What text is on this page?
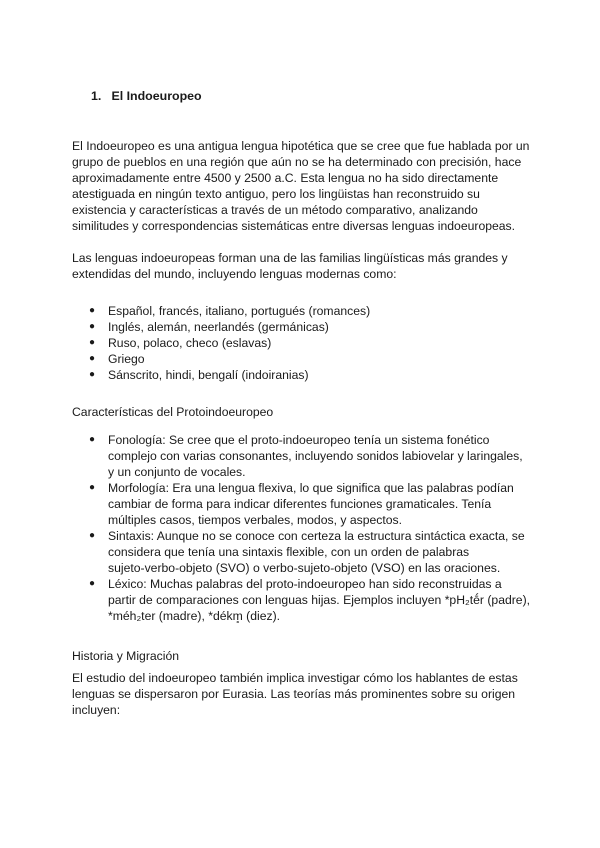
1. El Indoeuropeo

El Indoeuropeo es una antigua lengua hipotética que se cree que fue hablada por un
grupo de pueblos en una región que aún no se ha determinado con precisión, hace
aproximadamente entre 4500 y 2500 a.C. Esta lengua no ha sido directamente
atestiguada en ningún texto antiguo, pero los lingüistas han reconstruido su
existencia y características a través de un método comparativo, analizando
similitudes y correspondencias sistemáticas entre diversas lenguas indoeuropeas.

Las lenguas indoeuropeas forman una de las familias lingüísticas más grandes y
extendidas del mundo, incluyendo lenguas modernas como:

●	Español, francés, italiano, portugués (romances)
●	Inglés, alemán, neerlandés (germánicas)
●	Ruso, polaco, checo (eslavas)
●	Griego
●	Sánscrito, hindi, bengalí (indoiranias)

Características del Protoindoeuropeo

●	Fonología: Se cree que el proto-indoeuropeo tenía un sistema fonético
complejo con varias consonantes, incluyendo sonidos labiovelar y laringales,
y un conjunto de vocales.
●	Morfología: Era una lengua flexiva, lo que significa que las palabras podían
cambiar de forma para indicar diferentes funciones gramaticales. Tenía
múltiples casos, tiempos verbales, modos, y aspectos.
●	Sintaxis: Aunque no se conoce con certeza la estructura sintáctica exacta, se
considera que tenía una sintaxis flexible, con un orden de palabras
sujeto-verbo-objeto (SVO) o verbo-sujeto-objeto (VSO) en las oraciones.
●	Léxico: Muchas palabras del proto-indoeuropeo han sido reconstruidas a
partir de comparaciones con lenguas hijas. Ejemplos incluyen *pH₂tḗr (padre),
*méh₂ter (madre), *dékm̥ (diez).

Historia y Migración

El estudio del indoeuropeo también implica investigar cómo los hablantes de estas
lenguas se dispersaron por Eurasia. Las teorías más prominentes sobre su origen
incluyen:
